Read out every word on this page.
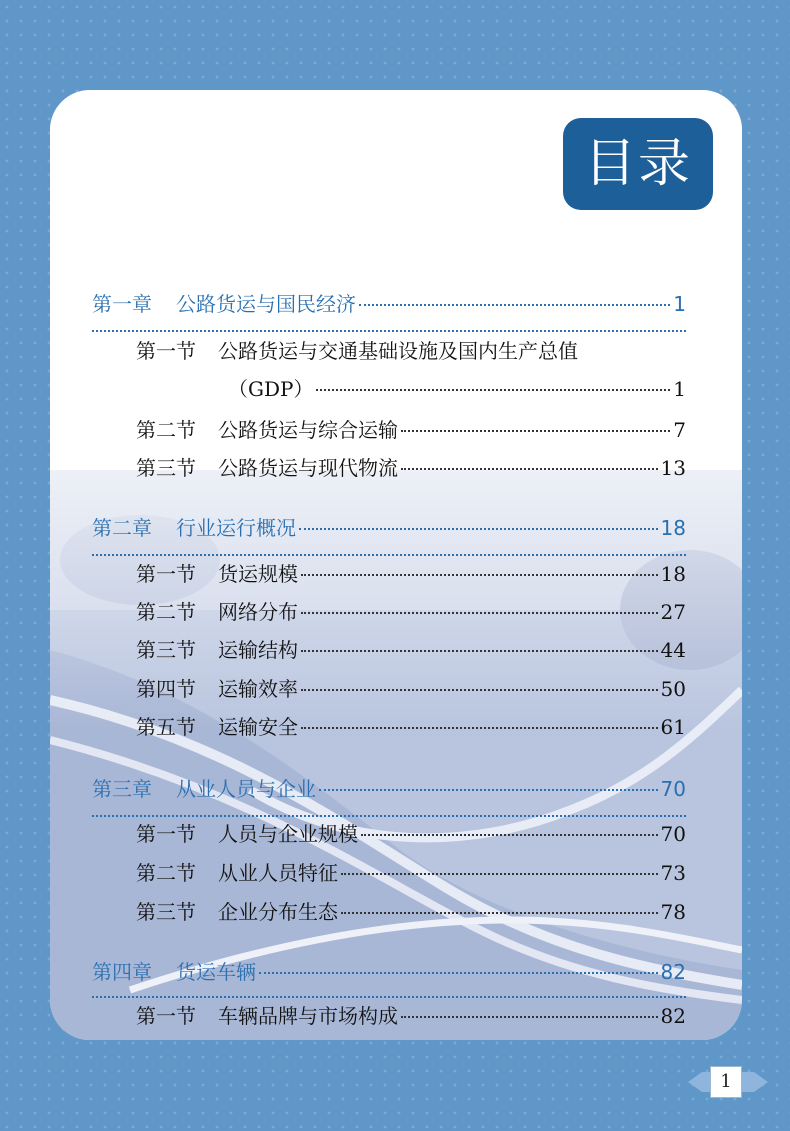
目录
第一章 公路货运与国民经济	1
第一节 公路货运与交通基础设施及国内生产总值
（GDP）	1
第二节 公路货运与综合运输	7
第三节 公路货运与现代物流	13
第二章 行业运行概况	18
第一节 货运规模	18
第二节 网络分布	27
第三节 运输结构	44
第四节 运输效率	50
第五节 运输安全	61
第三章 从业人员与企业	70
第一节 人员与企业规模	70
第二节 从业人员特征	73
第三节 企业分布生态	78
第四章 货运车辆	82
第一节 车辆品牌与市场构成	82
1
